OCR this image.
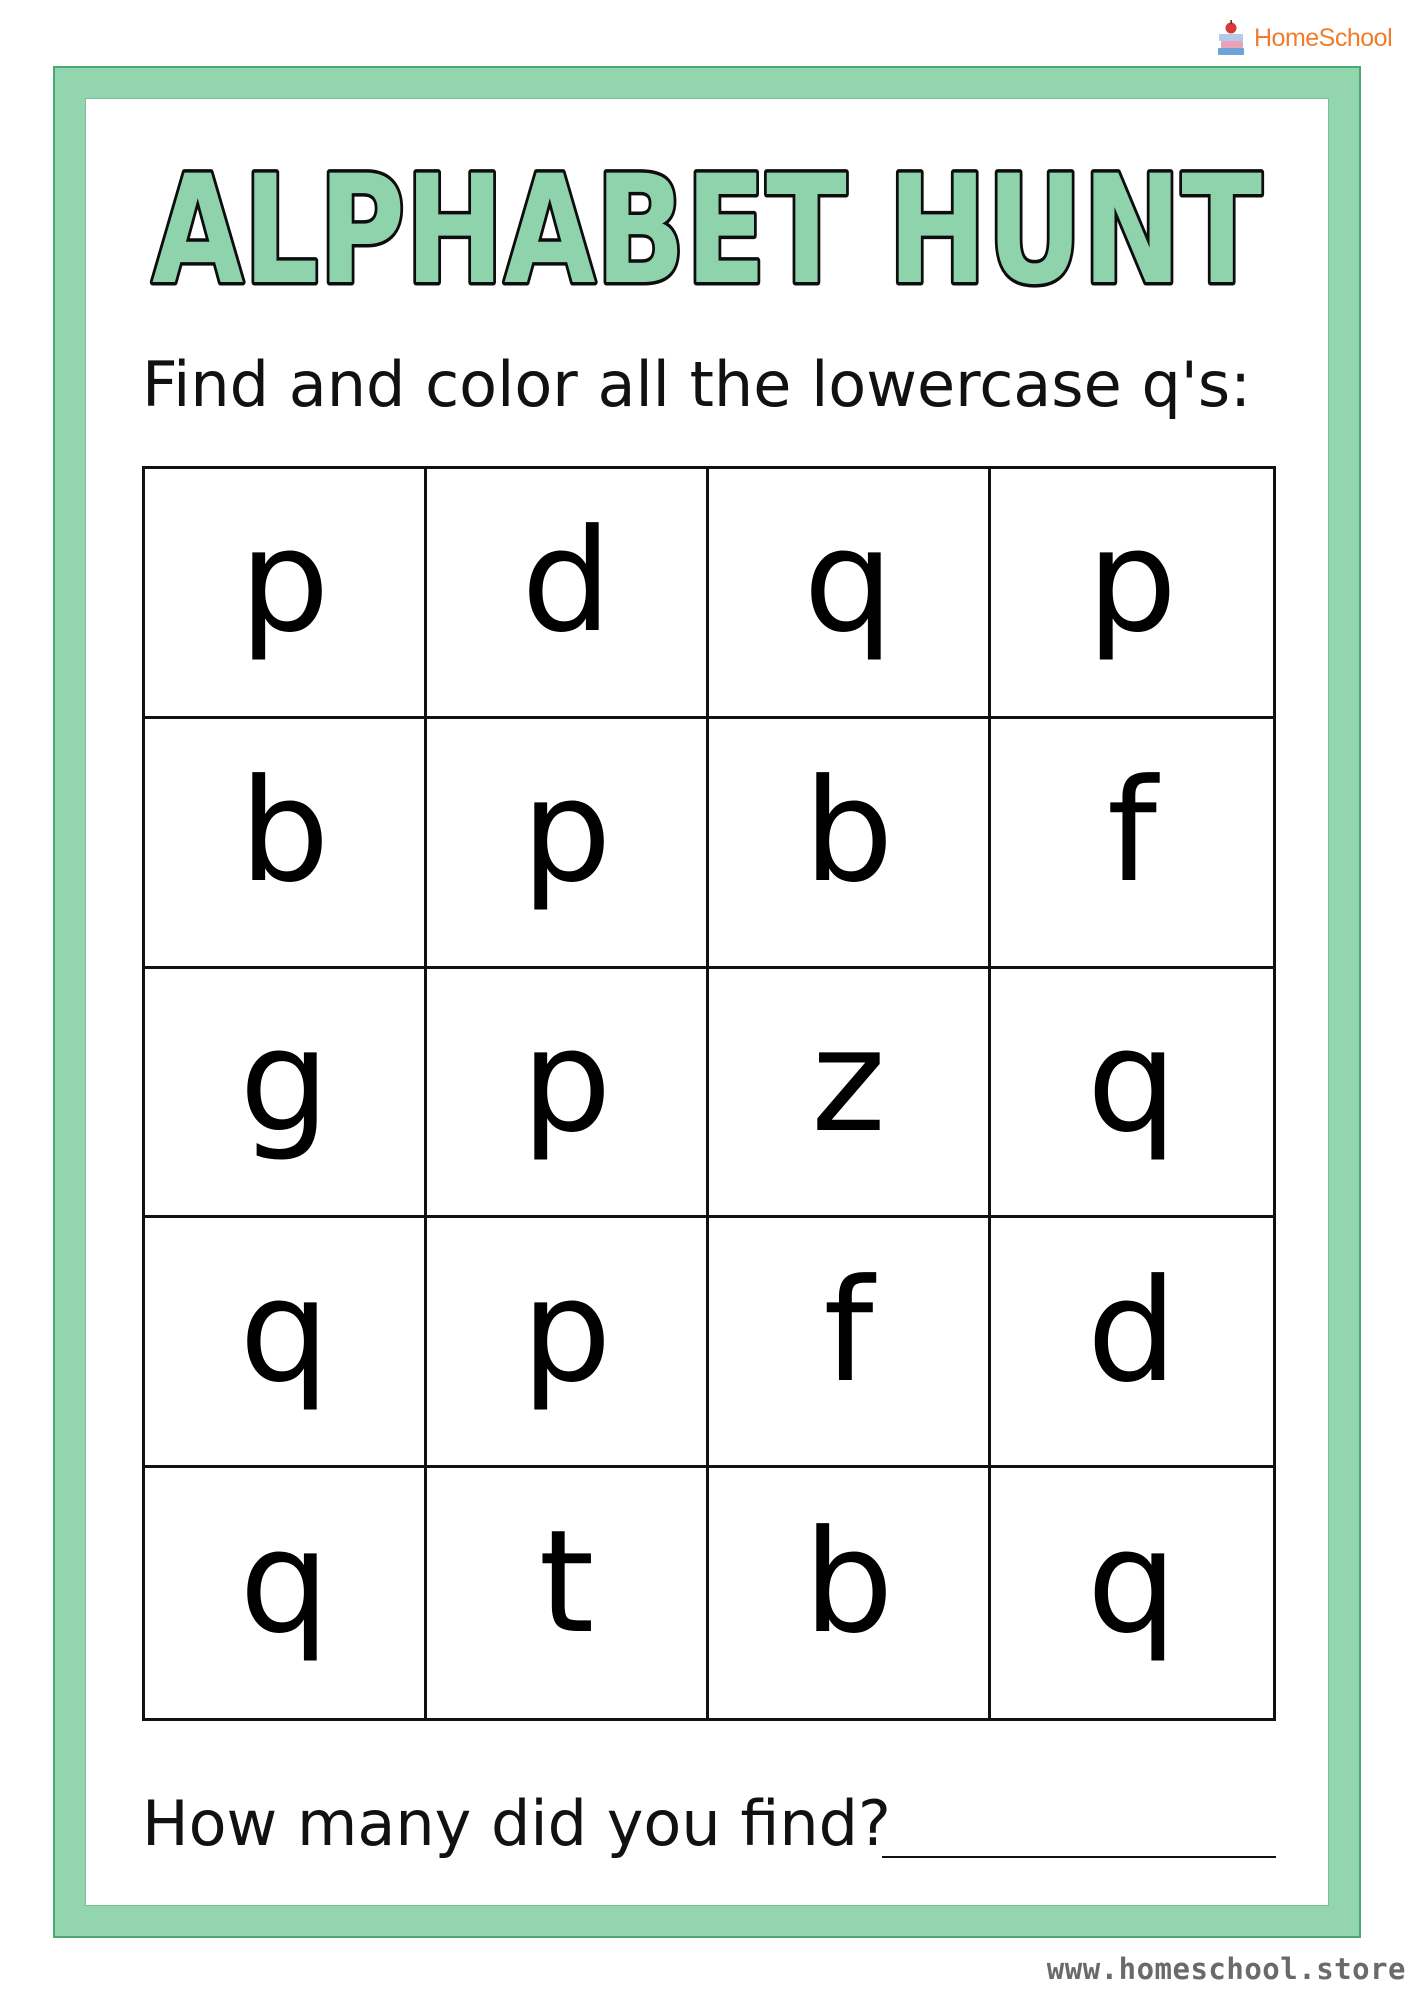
HomeSchool
ALPHABET HUNT
Find and color all the lowercase q's:
p d q p
b p b f
g p z q
q p f d
q t b q
How many did you find?
www.homeschool.store
